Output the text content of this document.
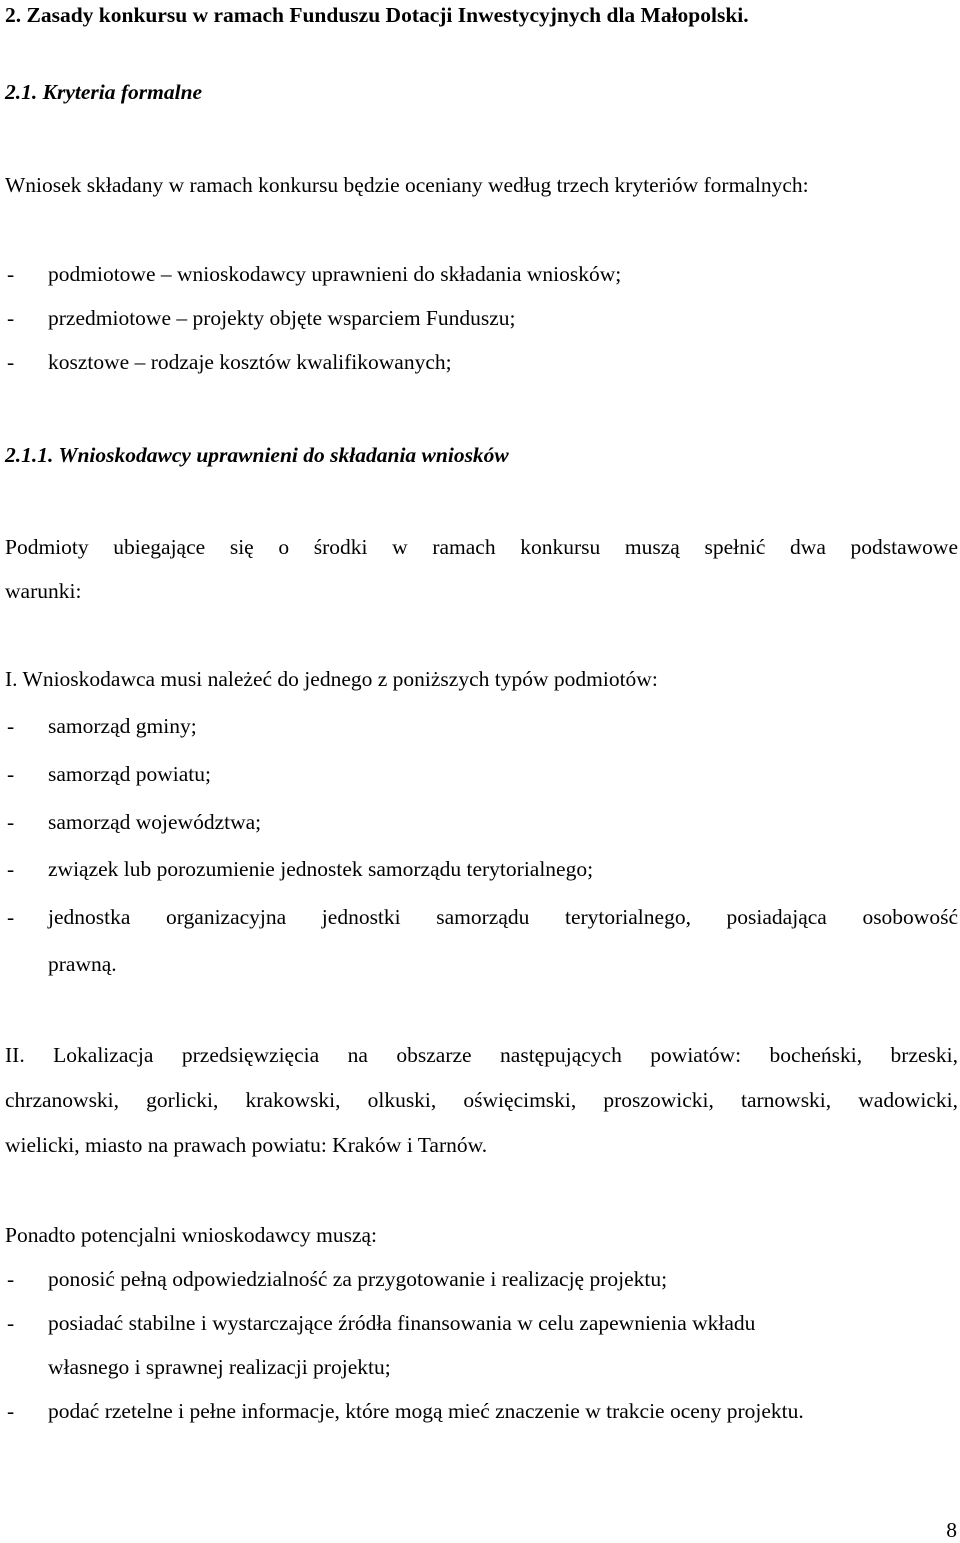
2. Zasady konkursu w ramach Funduszu Dotacji Inwestycyjnych dla Małopolski.
2.1. Kryteria formalne
Wniosek składany w ramach konkursu będzie oceniany według trzech kryteriów formalnych:
- podmiotowe – wnioskodawcy uprawnieni do składania wniosków;
- przedmiotowe – projekty objęte wsparciem Funduszu;
- kosztowe – rodzaje kosztów kwalifikowanych;
2.1.1. Wnioskodawcy uprawnieni do składania wniosków
Podmioty ubiegające się o środki w ramach konkursu muszą spełnić dwa podstawowe
warunki:
I. Wnioskodawca musi należeć do jednego z poniższych typów podmiotów:
- samorząd gminy;
- samorząd powiatu;
- samorząd województwa;
- związek lub porozumienie jednostek samorządu terytorialnego;
-	jednostka organizacyjna jednostki samorządu terytorialnego, posiadająca osobowość
prawną.
II. Lokalizacja przedsięwzięcia na obszarze następujących powiatów: bocheński, brzeski,
chrzanowski, gorlicki, krakowski, olkuski, oświęcimski, proszowicki, tarnowski, wadowicki,
wielicki, miasto na prawach powiatu: Kraków i Tarnów.
Ponadto potencjalni wnioskodawcy muszą:
- ponosić pełną odpowiedzialność za przygotowanie i realizację projektu;
- posiadać stabilne i wystarczające źródła finansowania w celu zapewnienia wkładu
własnego i sprawnej realizacji projektu;
- podać rzetelne i pełne informacje, które mogą mieć znaczenie w trakcie oceny projektu.
8
